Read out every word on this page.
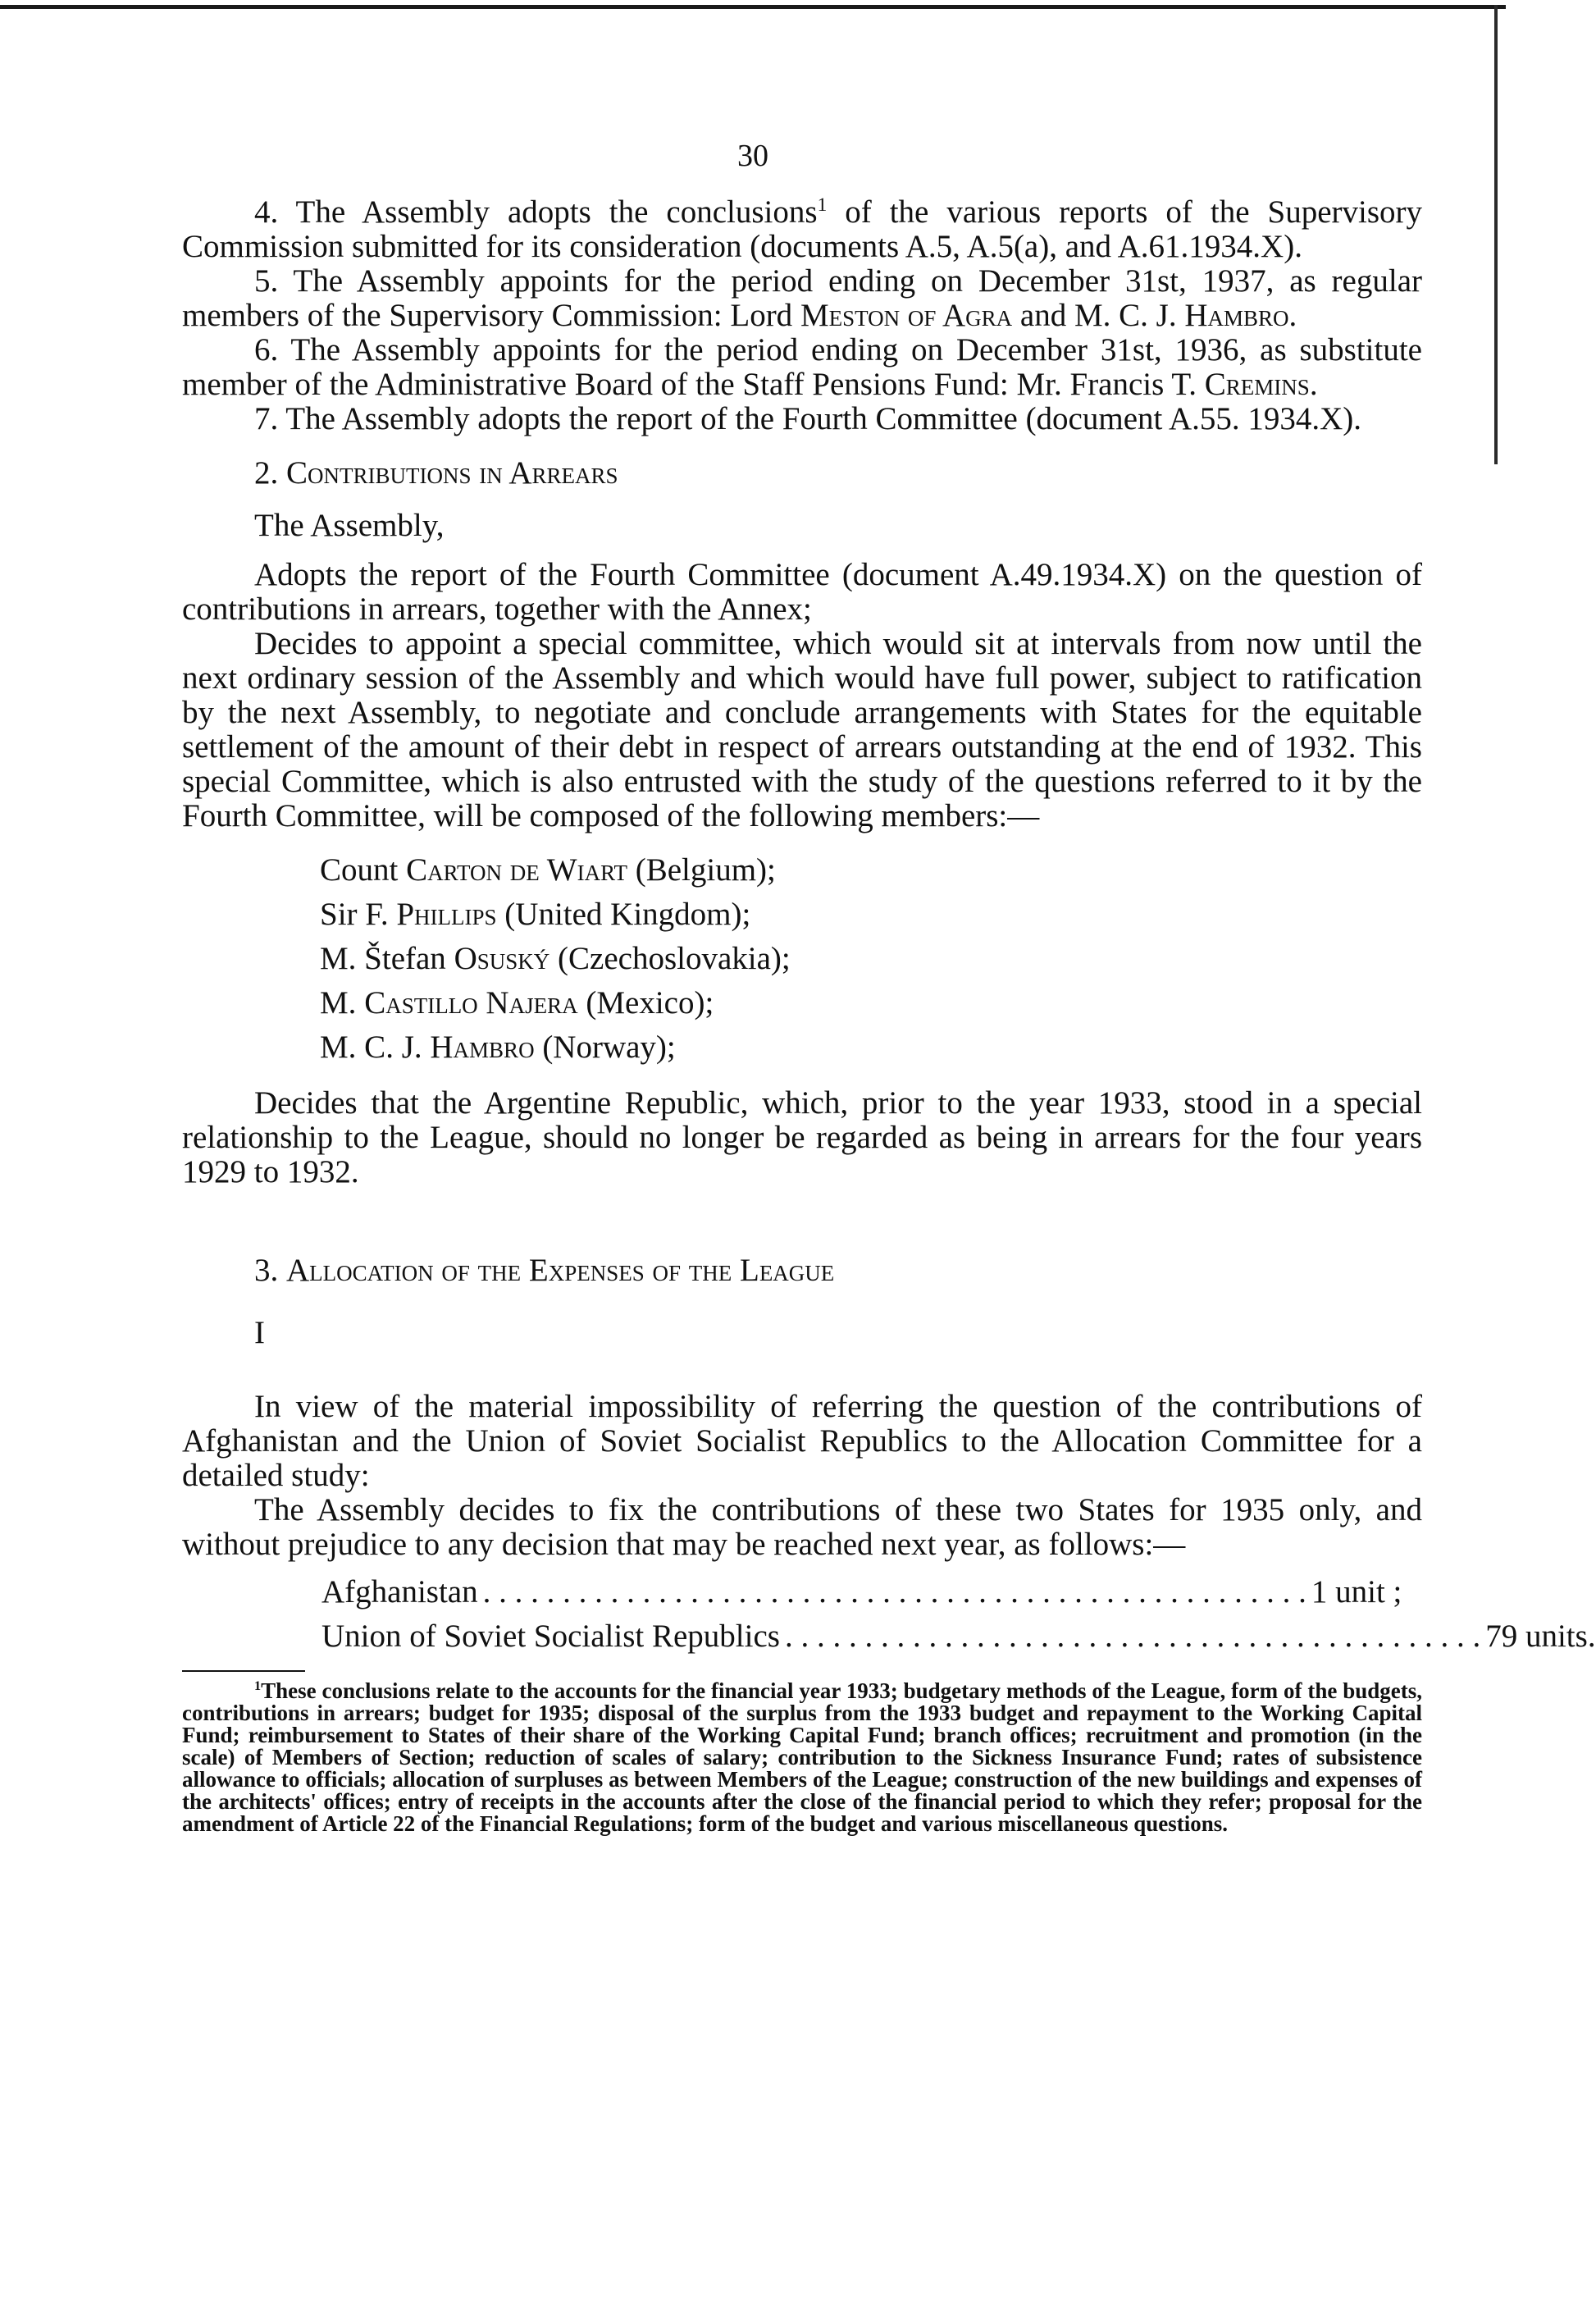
30

4. The Assembly adopts the conclusions$^1$ of the various reports of the Supervisory Commission submitted for its consideration (documents A.5, A.5(a), and A.61.1934.X).

5. The Assembly appoints for the period ending on December 31st, 1937, as regular members of the Supervisory Commission: Lord Meston of Agra and M. C. J. Hambro.

6. The Assembly appoints for the period ending on December 31st, 1936, as substitute member of the Administrative Board of the Staff Pensions Fund: Mr. Francis T. Cremins.

7. The Assembly adopts the report of the Fourth Committee (document A.55. 1934.X).

2. Contributions in Arrears

The Assembly,

Adopts the report of the Fourth Committee (document A.49.1934.X) on the question of contributions in arrears, together with the Annex;

Decides to appoint a special committee, which would sit at intervals from now until the next ordinary session of the Assembly and which would have full power, subject to ratification by the next Assembly, to negotiate and conclude arrangements with States for the equitable settlement of the amount of their debt in respect of arrears outstanding at the end of 1932. This special Committee, which is also entrusted with the study of the questions referred to it by the Fourth Committee, will be composed of the following members:—

Count Carton de Wiart (Belgium);
Sir F. Phillips (United Kingdom);
M. Štefan Osuský (Czechoslovakia);
M. Castillo Najera (Mexico);
M. C. J. Hambro (Norway);

Decides that the Argentine Republic, which, prior to the year 1933, stood in a special relationship to the League, should no longer be regarded as being in arrears for the four years 1929 to 1932.

3. Allocation of the Expenses of the League

I

In view of the material impossibility of referring the question of the contributions of Afghanistan and the Union of Soviet Socialist Republics to the Allocation Committee for a detailed study:

The Assembly decides to fix the contributions of these two States for 1935 only, and without prejudice to any decision that may be reached next year, as follows:—

Afghanistan . . . . . . . . . . . . . . . . . . . . . . . . . . . . . . . . . . . . . . . . . . . . . . . . . . . . 1 unit ;
Union of Soviet Socialist Republics . . . . . . . . . . . . . . . . . . . . . . . . . . . . . . . . . . . . . . . . . . . . 79 units.

$^1$These conclusions relate to the accounts for the financial year 1933; budgetary methods of the League, form of the budgets, contributions in arrears; budget for 1935; disposal of the surplus from the 1933 budget and repayment to the Working Capital Fund; reimbursement to States of their share of the Working Capital Fund; branch offices; recruitment and promotion (in the scale) of Members of Section; reduction of scales of salary; contribution to the Sickness Insurance Fund; rates of subsistence allowance to officials; allocation of surpluses as between Members of the League; construction of the new buildings and expenses of the architects' offices; entry of receipts in the accounts after the close of the financial period to which they refer; proposal for the amendment of Article 22 of the Financial Regulations; form of the budget and various miscellaneous questions.
